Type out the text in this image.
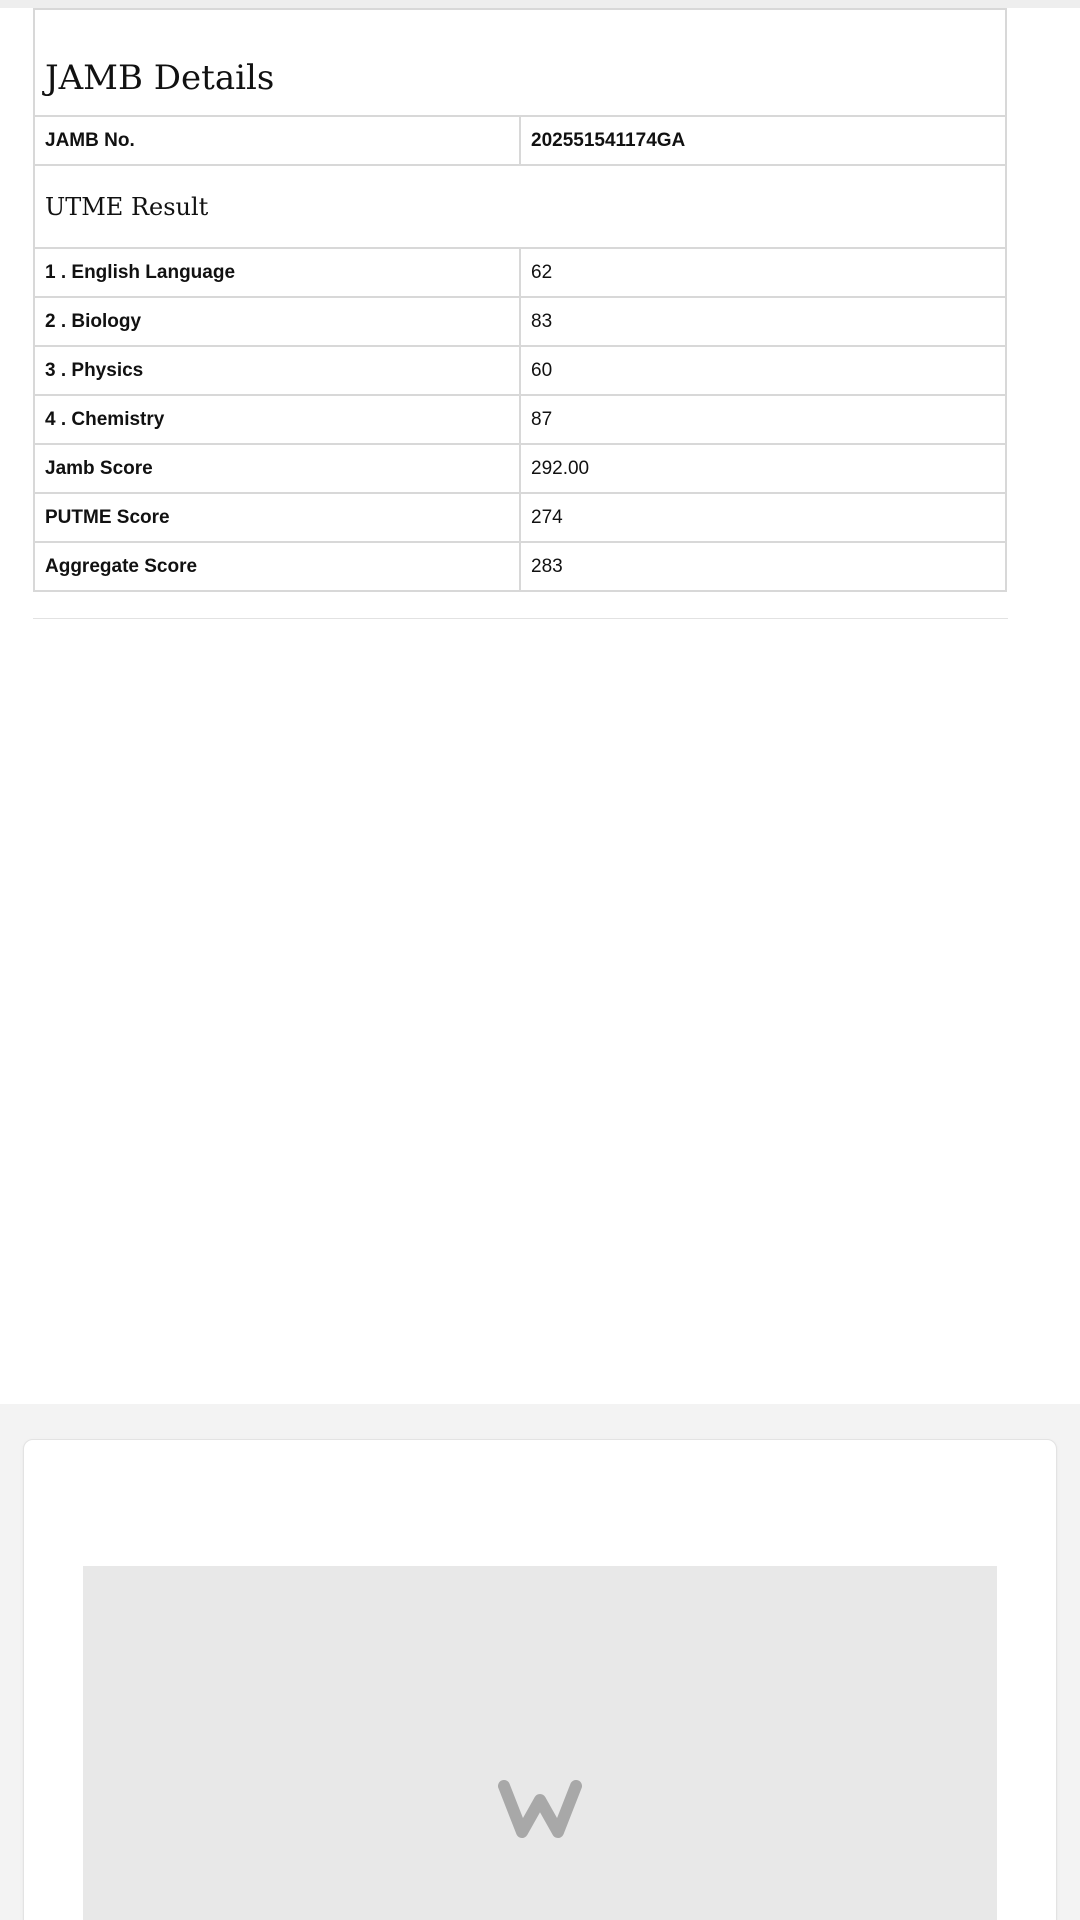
JAMB Details	
JAMB No.	202551541174GA
UTME Result	
1 . English Language	62
2 . Biology	83
3 . Physics	60
4 . Chemistry	87
Jamb Score	292.00
PUTME Score	274
Aggregate Score	283
